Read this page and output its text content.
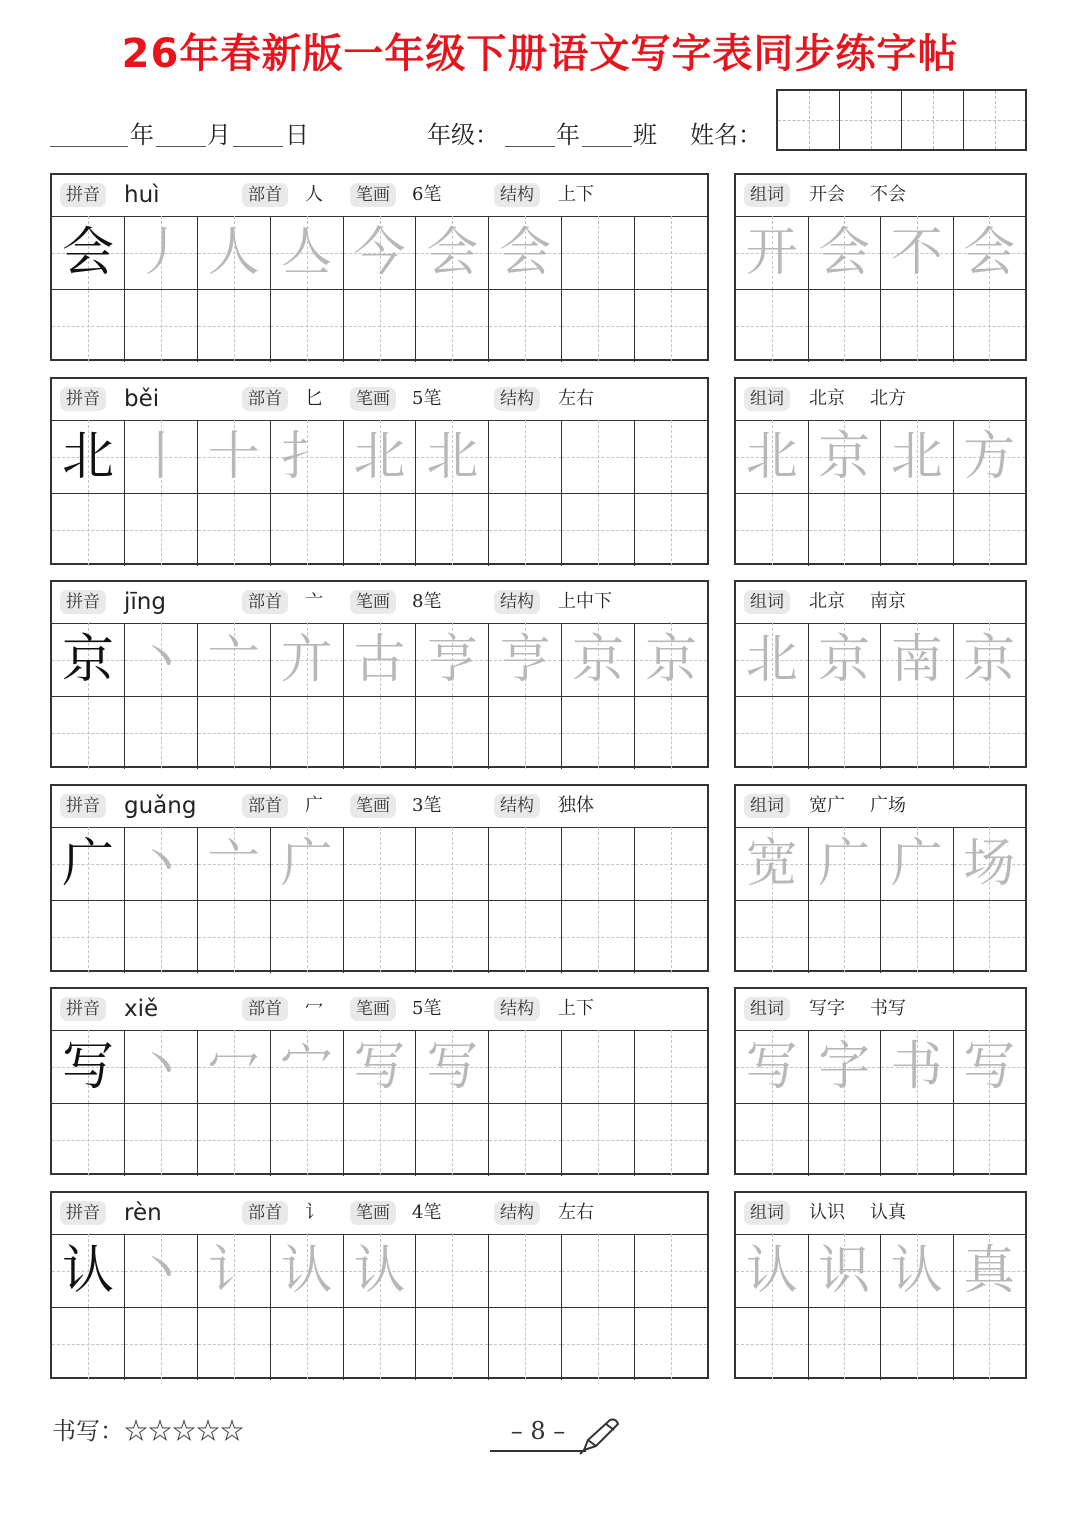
26年春新版一年级下册语文写字表同步练字帖
年 月 日	年级： 年 班 姓名：
拼音 huì	部首	人	笔画	6笔	结构	上下
会 丿 人 亼 今 会 会
组词	开会 不会
开 会 不 会
拼音 běi	部首	匕	笔画	5笔	结构	左右
北 丨 十 扌 北 北
组词	北京 北方
北 京 北 方
拼音 jīng	部首	亠	笔画	8笔	结构	上中下
京 丶 亠 亣 古 亨 亨 京 京
组词	北京 南京
北 京 南 京
拼音 guǎng	部首	广	笔画	3笔	结构	独体
广 丶 亠 广
组词	宽广 广场
宽 广 广 场
拼音 xiě	部首	冖	笔画	5笔	结构	上下
写 丶 冖 宀 写 写
组词	写字 书写
写 字 书 写
拼音 rèn	部首	讠	笔画	4笔	结构	左右
认 丶 讠 认 认
组词	认识 认真
认 识 认 真
书写：☆☆☆☆☆	– 8 –
